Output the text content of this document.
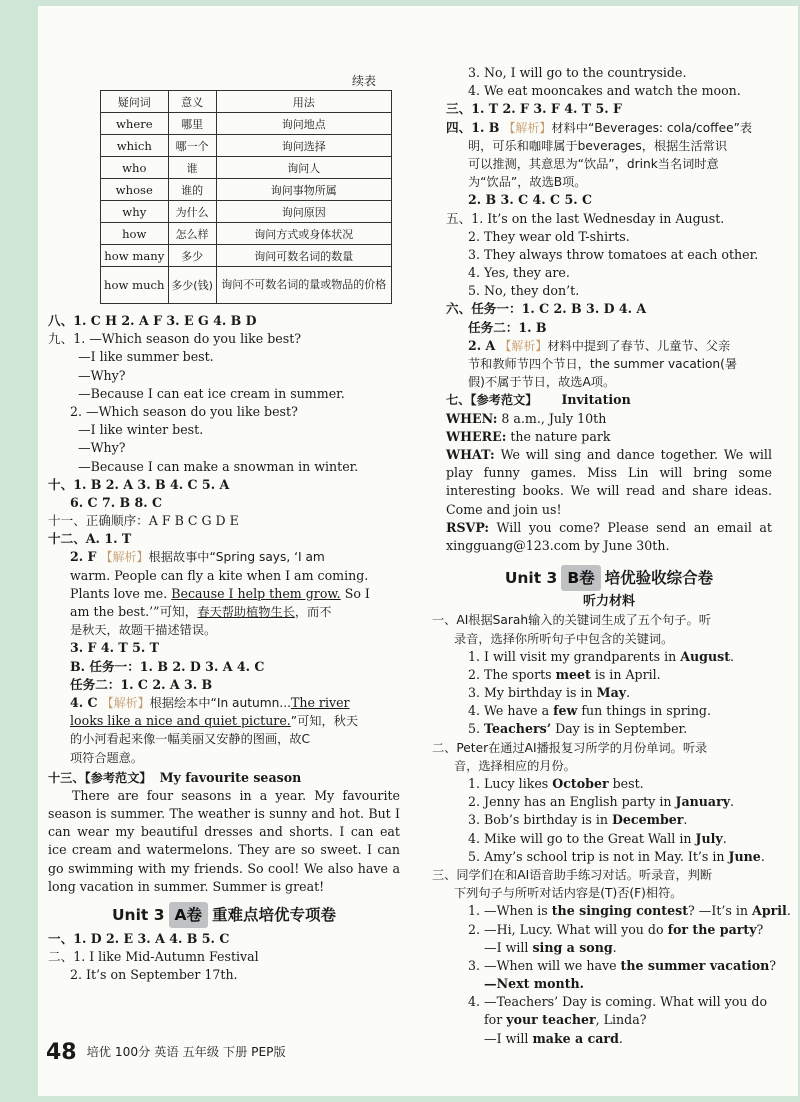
续表
疑问词	意义	用法
where	哪里	询问地点
which	哪一个	询问选择
who	谁	询问人
whose	谁的	询问事物所属
why	为什么	询问原因
how	怎么样	询问方式或身体状况
how many	多少	询问可数名词的数量
how much	多少(钱)	询问不可数名词的量或物品的价格
八、1. C H 2. A F 3. E G 4. B D
九、1. —Which season do you like best?
—I like summer best.
—Why?
—Because I can eat ice cream in summer.
2. —Which season do you like best?
—I like winter best.
—Why?
—Because I can make a snowman in winter.
十、1. B 2. A 3. B 4. C 5. A
6. C 7. B 8. C
十一、正确顺序：A F B C G D E
十二、A. 1. T
2. F 【解析】根据故事中“Spring says, ‘I am
warm. People can fly a kite when I am coming.
Plants love me. Because I help them grow. So I
am the best.’”可知，春天帮助植物生长，而不
是秋天，故题干描述错误。
3. F 4. T 5. T
B. 任务一：1. B 2. D 3. A 4. C
任务二：1. C 2. A 3. B
4. C 【解析】根据绘本中“In autumn...The river
looks like a nice and quiet picture.”可知，秋天
的小河看起来像一幅美丽又安静的图画，故C
项符合题意。
十三、【参考范文】 My favourite season
There are four seasons in a year. My favourite season is summer. The weather is sunny and hot. But I can wear my beautiful dresses and shorts. I can eat ice cream and watermelons. They are so sweet. I can go swimming with my friends. So cool! We also have a long vacation in summer. Summer is great!
Unit 3 A卷 重难点培优专项卷
一、1. D 2. E 3. A 4. B 5. C
二、1. I like Mid-Autumn Festival
2. It’s on September 17th.
3. No, I will go to the countryside.
4. We eat mooncakes and watch the moon.
三、1. T 2. F 3. F 4. T 5. F
四、1. B 【解析】材料中“Beverages: cola/coffee”表
明，可乐和咖啡属于beverages，根据生活常识
可以推测，其意思为“饮品”，drink当名词时意
为“饮品”，故选B项。
2. B 3. C 4. C 5. C
五、1. It’s on the last Wednesday in August.
2. They wear old T-shirts.
3. They always throw tomatoes at each other.
4. Yes, they are.
5. No, they don’t.
六、任务一：1. C 2. B 3. D 4. A
任务二：1. B
2. A 【解析】材料中提到了春节、儿童节、父亲
节和教师节四个节日，the summer vacation(暑
假)不属于节日，故选A项。
七、【参考范文】 Invitation
WHEN: 8 a.m., July 10th
WHERE: the nature park
WHAT: We will sing and dance together. We will play funny games. Miss Lin will bring some interesting books. We will read and share ideas. Come and join us!
RSVP: Will you come? Please send an email at xingguang@123.com by June 30th.
Unit 3 B卷 培优验收综合卷
听力材料
一、AI根据Sarah输入的关键词生成了五个句子。听
录音，选择你所听句子中包含的关键词。
1. I will visit my grandparents in August.
2. The sports meet is in April.
3. My birthday is in May.
4. We have a few fun things in spring.
5. Teachers’ Day is in September.
二、Peter在通过AI播报复习所学的月份单词。听录
音，选择相应的月份。
1. Lucy likes October best.
2. Jenny has an English party in January.
3. Bob’s birthday is in December.
4. Mike will go to the Great Wall in July.
5. Amy’s school trip is not in May. It’s in June.
三、同学们在和AI语音助手练习对话。听录音，判断
下列句子与所听对话内容是(T)否(F)相符。
1. —When is the singing contest? —It’s in April.
2. —Hi, Lucy. What will you do for the party?
—I will sing a song.
3. —When will we have the summer vacation?
—Next month.
4. —Teachers’ Day is coming. What will you do
for your teacher, Linda?
—I will make a card.
48 培优 100分 英语 五年级 下册 PEP版
